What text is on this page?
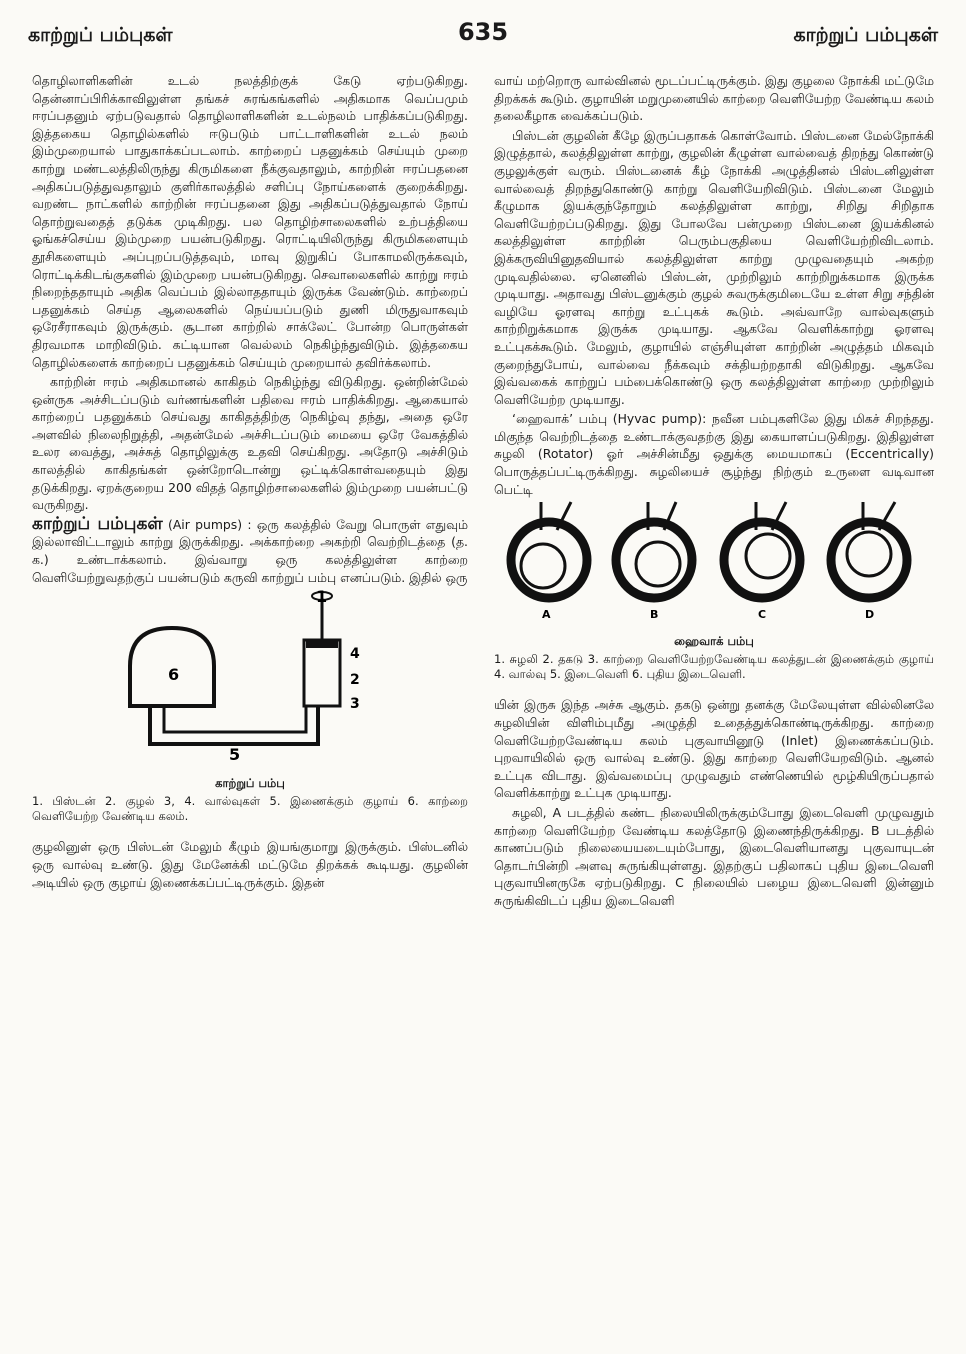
காற்றுப் பம்புகள்	635	காற்றுப் பம்புகள்

தொழிலாளிகளின் உடல் நலத்திற்குக் கேடு ஏற்படுகிறது. தென்னாப்பிரிக்காவிலுள்ள தங்கச் சுரங்கங்களில் அதிகமாக வெப்பமும் ஈரப்பதனும் ஏற்படுவதால் தொழிலாளிகளின் உடல்நலம் பாதிக்கப்படுகிறது. இத்தகைய தொழில்களில் ஈடுபடும் பாட்டாளிகளின் உடல் நலம் இம்முறையால் பாதுகாக்கப்படலாம். காற்றைப் பதனுக்கம் செய்யும் முறை காற்று மண்டலத்திலிருந்து கிருமிகளை நீக்குவதாலும், காற்றின் ஈரப்பதனை அதிகப்படுத்துவதாலும் குளிர்காலத்தில் சளிப்பு நோய்களைக் குறைக்கிறது. வறண்ட நாட்களில் காற்றின் ஈரப்பதனை இது அதிகப்படுத்துவதால் நோய் தொற்றுவதைத் தடுக்க முடிகிறது. பல தொழிற்சாலைகளில் உற்பத்தியை ஓங்கச்செய்ய இம்முறை பயன்படுகிறது. ரொட்டியிலிருந்து கிருமிகளையும் தூசிகளையும் அப்புறப்படுத்தவும், மாவு இறுகிப் போகாமலிருக்கவும், ரொட்டிக்கிடங்குகளில் இம்முறை பயன்படுகிறது. செவாலைகளில் காற்று ஈரம் நிறைந்ததாயும் அதிக வெப்பம் இல்லாததாயும் இருக்க வேண்டும். காற்றைப் பதனுக்கம் செய்த ஆலைகளில் நெய்யப்படும் துணி மிருதுவாகவும் ஒரேசீராகவும் இருக்கும். சூடான காற்றில் சாக்லேட் போன்ற பொருள்கள் திரவமாக மாறிவிடும். கட்டியான வெல்லம் நெகிழ்ந்துவிடும். இத்தகைய தொழில்களைக் காற்றைப் பதனுக்கம் செய்யும் முறையால் தவிர்க்கலாம்.

காற்றின் ஈரம் அதிகமானல் காகிதம் நெகிழ்ந்து விடுகிறது. ஒன்றின்மேல் ஒன்ருக அச்சிடப்படும் வர்ணங்களின் பதிவை ஈரம் பாதிக்கிறது. ஆகையால் காற்றைப் பதனுக்கம் செய்வது காகிதத்திற்கு நெகிழ்வு தந்து, அதை ஒரே அளவில் நிலைநிறுத்தி, அதன்மேல் அச்சிடப்படும் மையை ஒரே வேகத்தில் உலர வைத்து, அச்சுத் தொழிலுக்கு உதவி செய்கிறது. அதோடு அச்சிடும் காலத்தில் காகிதங்கள் ஒன்றோடொன்று ஒட்டிக்கொள்வதையும் இது தடுக்கிறது. ஏறக்குறைய 200 விதத் தொழிற்சாலைகளில் இம்முறை பயன்பட்டு வருகிறது.

காற்றுப் பம்புகள் (Air pumps) : ஒரு கலத்தில் வேறு பொருள் எதுவும் இல்லாவிட்டாலும் காற்று இருக்கிறது. அக்காற்றை அகற்றி வெற்றிடத்தை (த. க.) உண்டாக்கலாம். இவ்வாறு ஒரு கலத்திலுள்ள காற்றை வெளியேற்றுவதற்குப் பயன்படும் கருவி காற்றுப் பம்பு எனப்படும். இதில் ஒரு

6
5
1
4
2
3
காற்றுப் பம்பு
1. பிஸ்டன் 2. குழல் 3, 4. வால்வுகள் 5. இணைக்கும் குழாய் 6. காற்றை வெளியேற்ற வேண்டிய கலம்.

குழலினுள் ஒரு பிஸ்டன் மேலும் கீழும் இயங்குமாறு இருக்கும். பிஸ்டனில் ஒரு வால்வு உண்டு. இது மேனேக்கி மட்டுமே திறக்கக் கூடியது. குழலின் அடியில் ஒரு குழாய் இணைக்கப்பட்டிருக்கும். இதன்

வாய் மற்றொரு வால்வினல் மூடப்பட்டிருக்கும். இது குழலை நோக்கி மட்டுமே திறக்கக் கூடும். குழாயின் மறுமுனையில் காற்றை வெளியேற்ற வேண்டிய கலம் தலைகீழாக வைக்கப்படும்.

பிஸ்டன் குழலின் கீழே இருப்பதாகக் கொள்வோம். பிஸ்டனை மேல்நோக்கி இழுத்தால், கலத்திலுள்ள காற்று, குழலின் கீழுள்ள வால்வைத் திறந்து கொண்டு குழலுக்குள் வரும். பிஸ்டனைக் கீழ் நோக்கி அழுத்தினல் பிஸ்டனிலுள்ள வால்வைத் திறந்துகொண்டு காற்று வெளியேறிவிடும். பிஸ்டனை மேலும் கீழுமாக இயக்குந்தோறும் கலத்திலுள்ள காற்று, சிறிது சிறிதாக வெளியேற்றப்படுகிறது. இது போலவே பன்முறை பிஸ்டனை இயக்கினல் கலத்திலுள்ள காற்றின் பெரும்பகுதியை வெளியேற்றிவிடலாம். இக்கருவியினுதவியால் கலத்திலுள்ள காற்று முழுவதையும் அகற்ற முடிவதில்லை. ஏனெனில் பிஸ்டன், முற்றிலும் காற்றிறுக்கமாக இருக்க முடியாது. அதாவது பிஸ்டனுக்கும் குழல் சுவருக்குமிடையே உள்ள சிறு சந்தின் வழியே ஓரளவு காற்று உட்புகக் கூடும். அவ்வாறே வால்வுகளும் காற்றிறுக்கமாக இருக்க முடியாது. ஆகவே வெளிக்காற்று ஓரளவு உட்புகக்கூடும். மேலும், குழாயில் எஞ்சியுள்ள காற்றின் அழுத்தம் மிகவும் குறைந்துபோய், வால்வை நீக்கவும் சக்தியற்றதாகி விடுகிறது. ஆகவே இவ்வகைக் காற்றுப் பம்பைக்கொண்டு ஒரு கலத்திலுள்ள காற்றை முற்றிலும் வெளியேற்ற முடியாது.

‘ஹைவாக்’ பம்பு (Hyvac pump): நவீன பம்புகளிலே இது மிகச் சிறந்தது. மிகுந்த வெற்றிடத்தை உண்டாக்குவதற்கு இது கையாளப்படுகிறது. இதிலுள்ள சுழலி (Rotator) ஓர் அச்சின்மீது ஒதுக்கு மையமாகப் (Eccentrically) பொருத்தப்பட்டிருக்கிறது. சுழலியைச் சூழ்ந்து நிற்கும் உருளை வடிவான பெட்டி

A	B	C	D
ஹைவாக் பம்பு
1. சுழலி 2. தகடு 3. காற்றை வெளியேற்றவேண்டிய கலத்துடன் இணைக்கும் குழாய் 4. வால்வு 5. இடைவெளி 6. புதிய இடைவெளி.

யின் இருசு இந்த அச்சு ஆகும். தகடு ஒன்று தனக்கு மேலேயுள்ள வில்லினலே சுழலியின் விளிம்புமீது அழுத்தி உதைத்துக்கொண்டிருக்கிறது. காற்றை வெளியேற்றவேண்டிய கலம் புகுவாயினூடு (Inlet) இணைக்கப்படும். புறவாயிலில் ஒரு வால்வு உண்டு. இது காற்றை வெளியேறவிடும். ஆனல் உட்புக விடாது. இவ்வமைப்பு முழுவதும் எண்ணெயில் மூழ்கியிருப்பதால் வெளிக்காற்று உட்புக முடியாது.

சுழலி, A படத்தில் கண்ட நிலையிலிருக்கும்போது இடைவெளி முழுவதும் காற்றை வெளியேற்ற வேண்டிய கலத்தோடு இணைந்திருக்கிறது. B படத்தில் காணப்படும் நிலையையடையும்போது, இடைவெளியானது புகுவாயுடன் தொடர்பின்றி அளவு சுருங்கியுள்ளது. இதற்குப் பதிலாகப் புதிய இடைவெளி புகுவாயினருகே ஏற்படுகிறது. C நிலையில் பழைய இடைவெளி இன்னும் சுருங்கிவிடப் புதிய இடைவெளி
